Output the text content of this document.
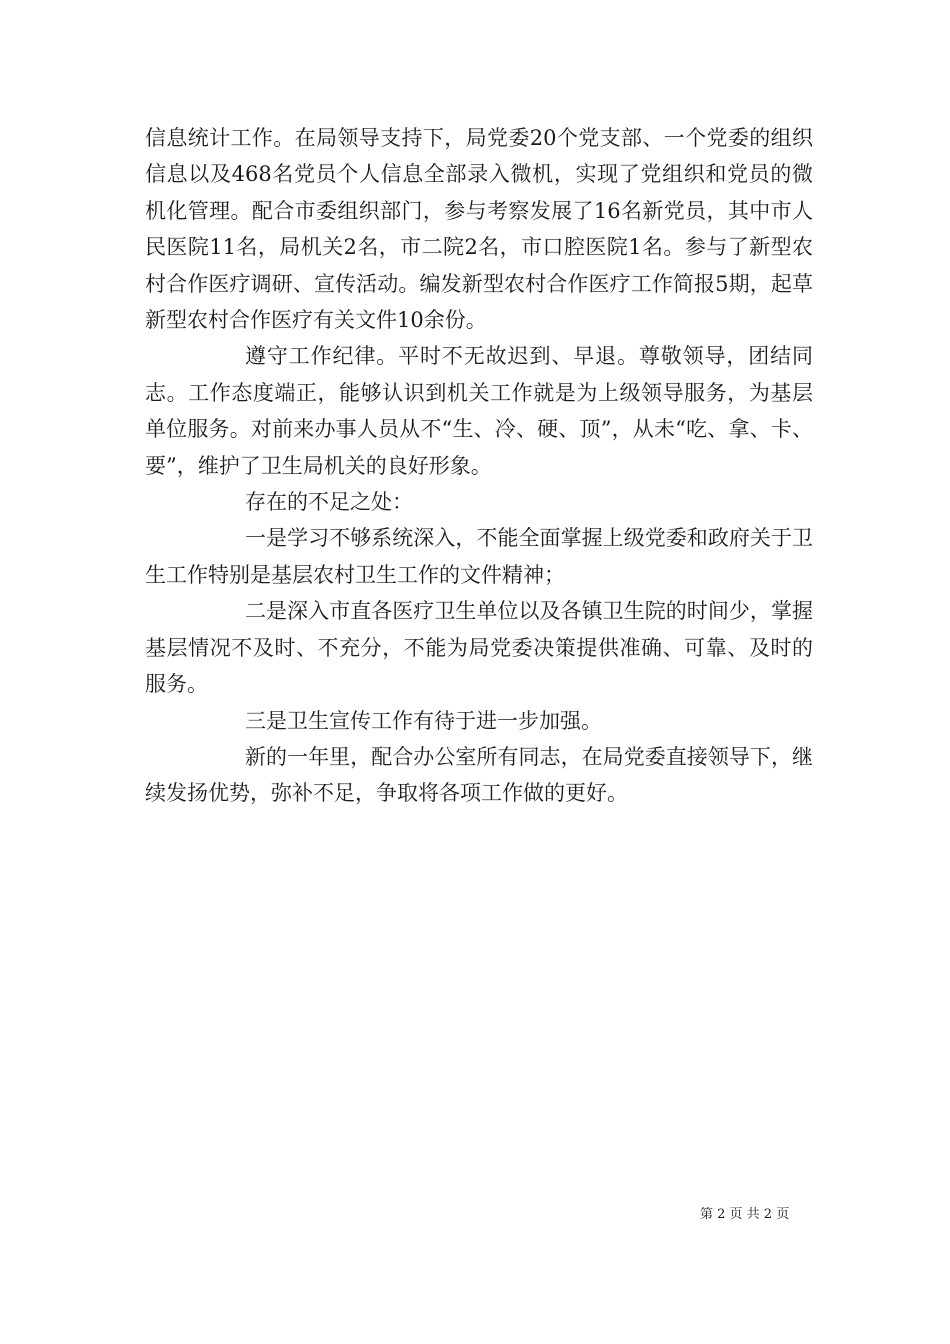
信息统计工作。在局领导支持下，局党委20个党支部、一个党委的组织信息以及468名党员个人信息全部录入微机，实现了党组织和党员的微机化管理。配合市委组织部门，参与考察发展了16名新党员，其中市人民医院11名，局机关2名，市二院2名，市口腔医院1名。参与了新型农村合作医疗调研、宣传活动。编发新型农村合作医疗工作简报5期，起草新型农村合作医疗有关文件10余份。

遵守工作纪律。平时不无故迟到、早退。尊敬领导，团结同志。工作态度端正，能够认识到机关工作就是为上级领导服务，为基层单位服务。对前来办事人员从不“生、冷、硬、顶”，从未“吃、拿、卡、要”，维护了卫生局机关的良好形象。

存在的不足之处：

一是学习不够系统深入，不能全面掌握上级党委和政府关于卫生工作特别是基层农村卫生工作的文件精神；

二是深入市直各医疗卫生单位以及各镇卫生院的时间少，掌握基层情况不及时、不充分，不能为局党委决策提供准确、可靠、及时的服务。

三是卫生宣传工作有待于进一步加强。

新的一年里，配合办公室所有同志，在局党委直接领导下，继续发扬优势，弥补不足，争取将各项工作做的更好。

第 2 页 共 2 页
